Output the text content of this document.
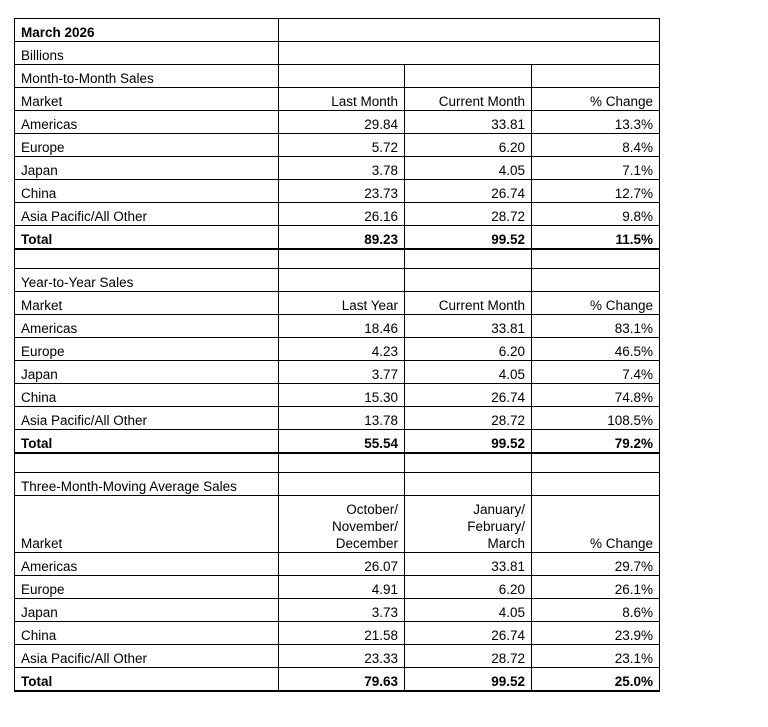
March 2026			
Billions			
Month-to-Month Sales			
Market	Last Month	Current Month	% Change
Americas	29.84	33.81	13.3%
Europe	5.72	6.20	8.4%
Japan	3.78	4.05	7.1%
China	23.73	26.74	12.7%
Asia Pacific/All Other	26.16	28.72	9.8%
Total	89.23	99.52	11.5%

Year-to-Year Sales			
Market	Last Year	Current Month	% Change
Americas	18.46	33.81	83.1%
Europe	4.23	6.20	46.5%
Japan	3.77	4.05	7.4%
China	15.30	26.74	74.8%
Asia Pacific/All Other	13.78	28.72	108.5%
Total	55.54	99.52	79.2%

Three-Month-Moving Average Sales			
Market	October/
November/
December	January/
February/
March	% Change
Americas	26.07	33.81	29.7%
Europe	4.91	6.20	26.1%
Japan	3.73	4.05	8.6%
China	21.58	26.74	23.9%
Asia Pacific/All Other	23.33	28.72	23.1%
Total	79.63	99.52	25.0%
